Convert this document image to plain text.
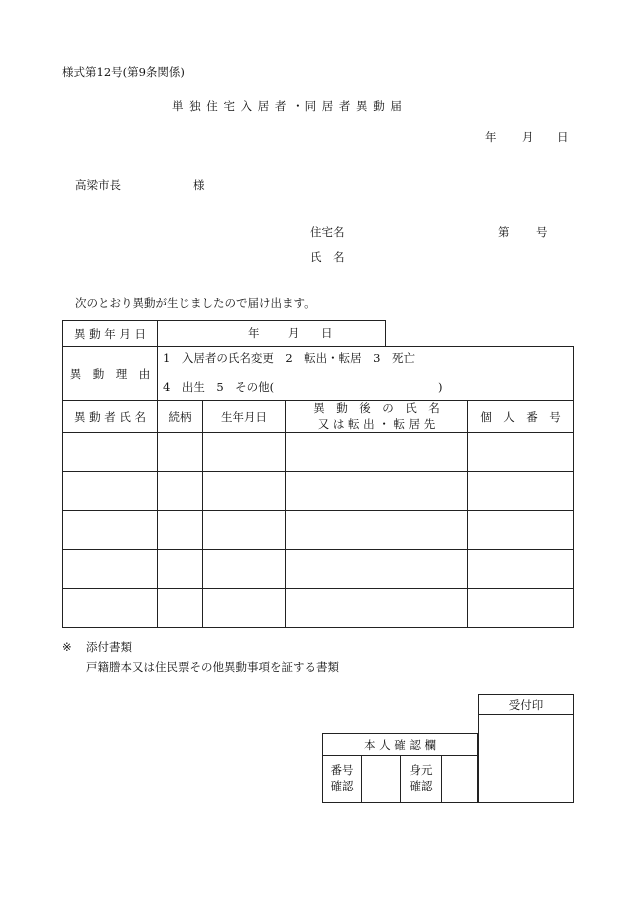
様式第12号(第9条関係)
単 独 住 宅 入 居 者 ・同 居 者 異 動 届
年 月 日
高梁市長	様
住宅名	第 号
氏　名
次のとおり異動が生じましたので届け出ます。
異 動 年 月 日	年 月 日
異　動　理　由	
1　入居者の氏名変更　2　転出・転居　3　死亡
4　出生　5　その他(	)
異 動 者 氏 名	続柄	生年月日	異　動　後　の　氏　名
又 は 転 出 ・ 転 居 先	個　人　番　号

※ 添付書類
戸籍謄本又は住民票その他異動事項を証する書類
受付印

本 人 確 認 欄

番号
確認

身元
確認
